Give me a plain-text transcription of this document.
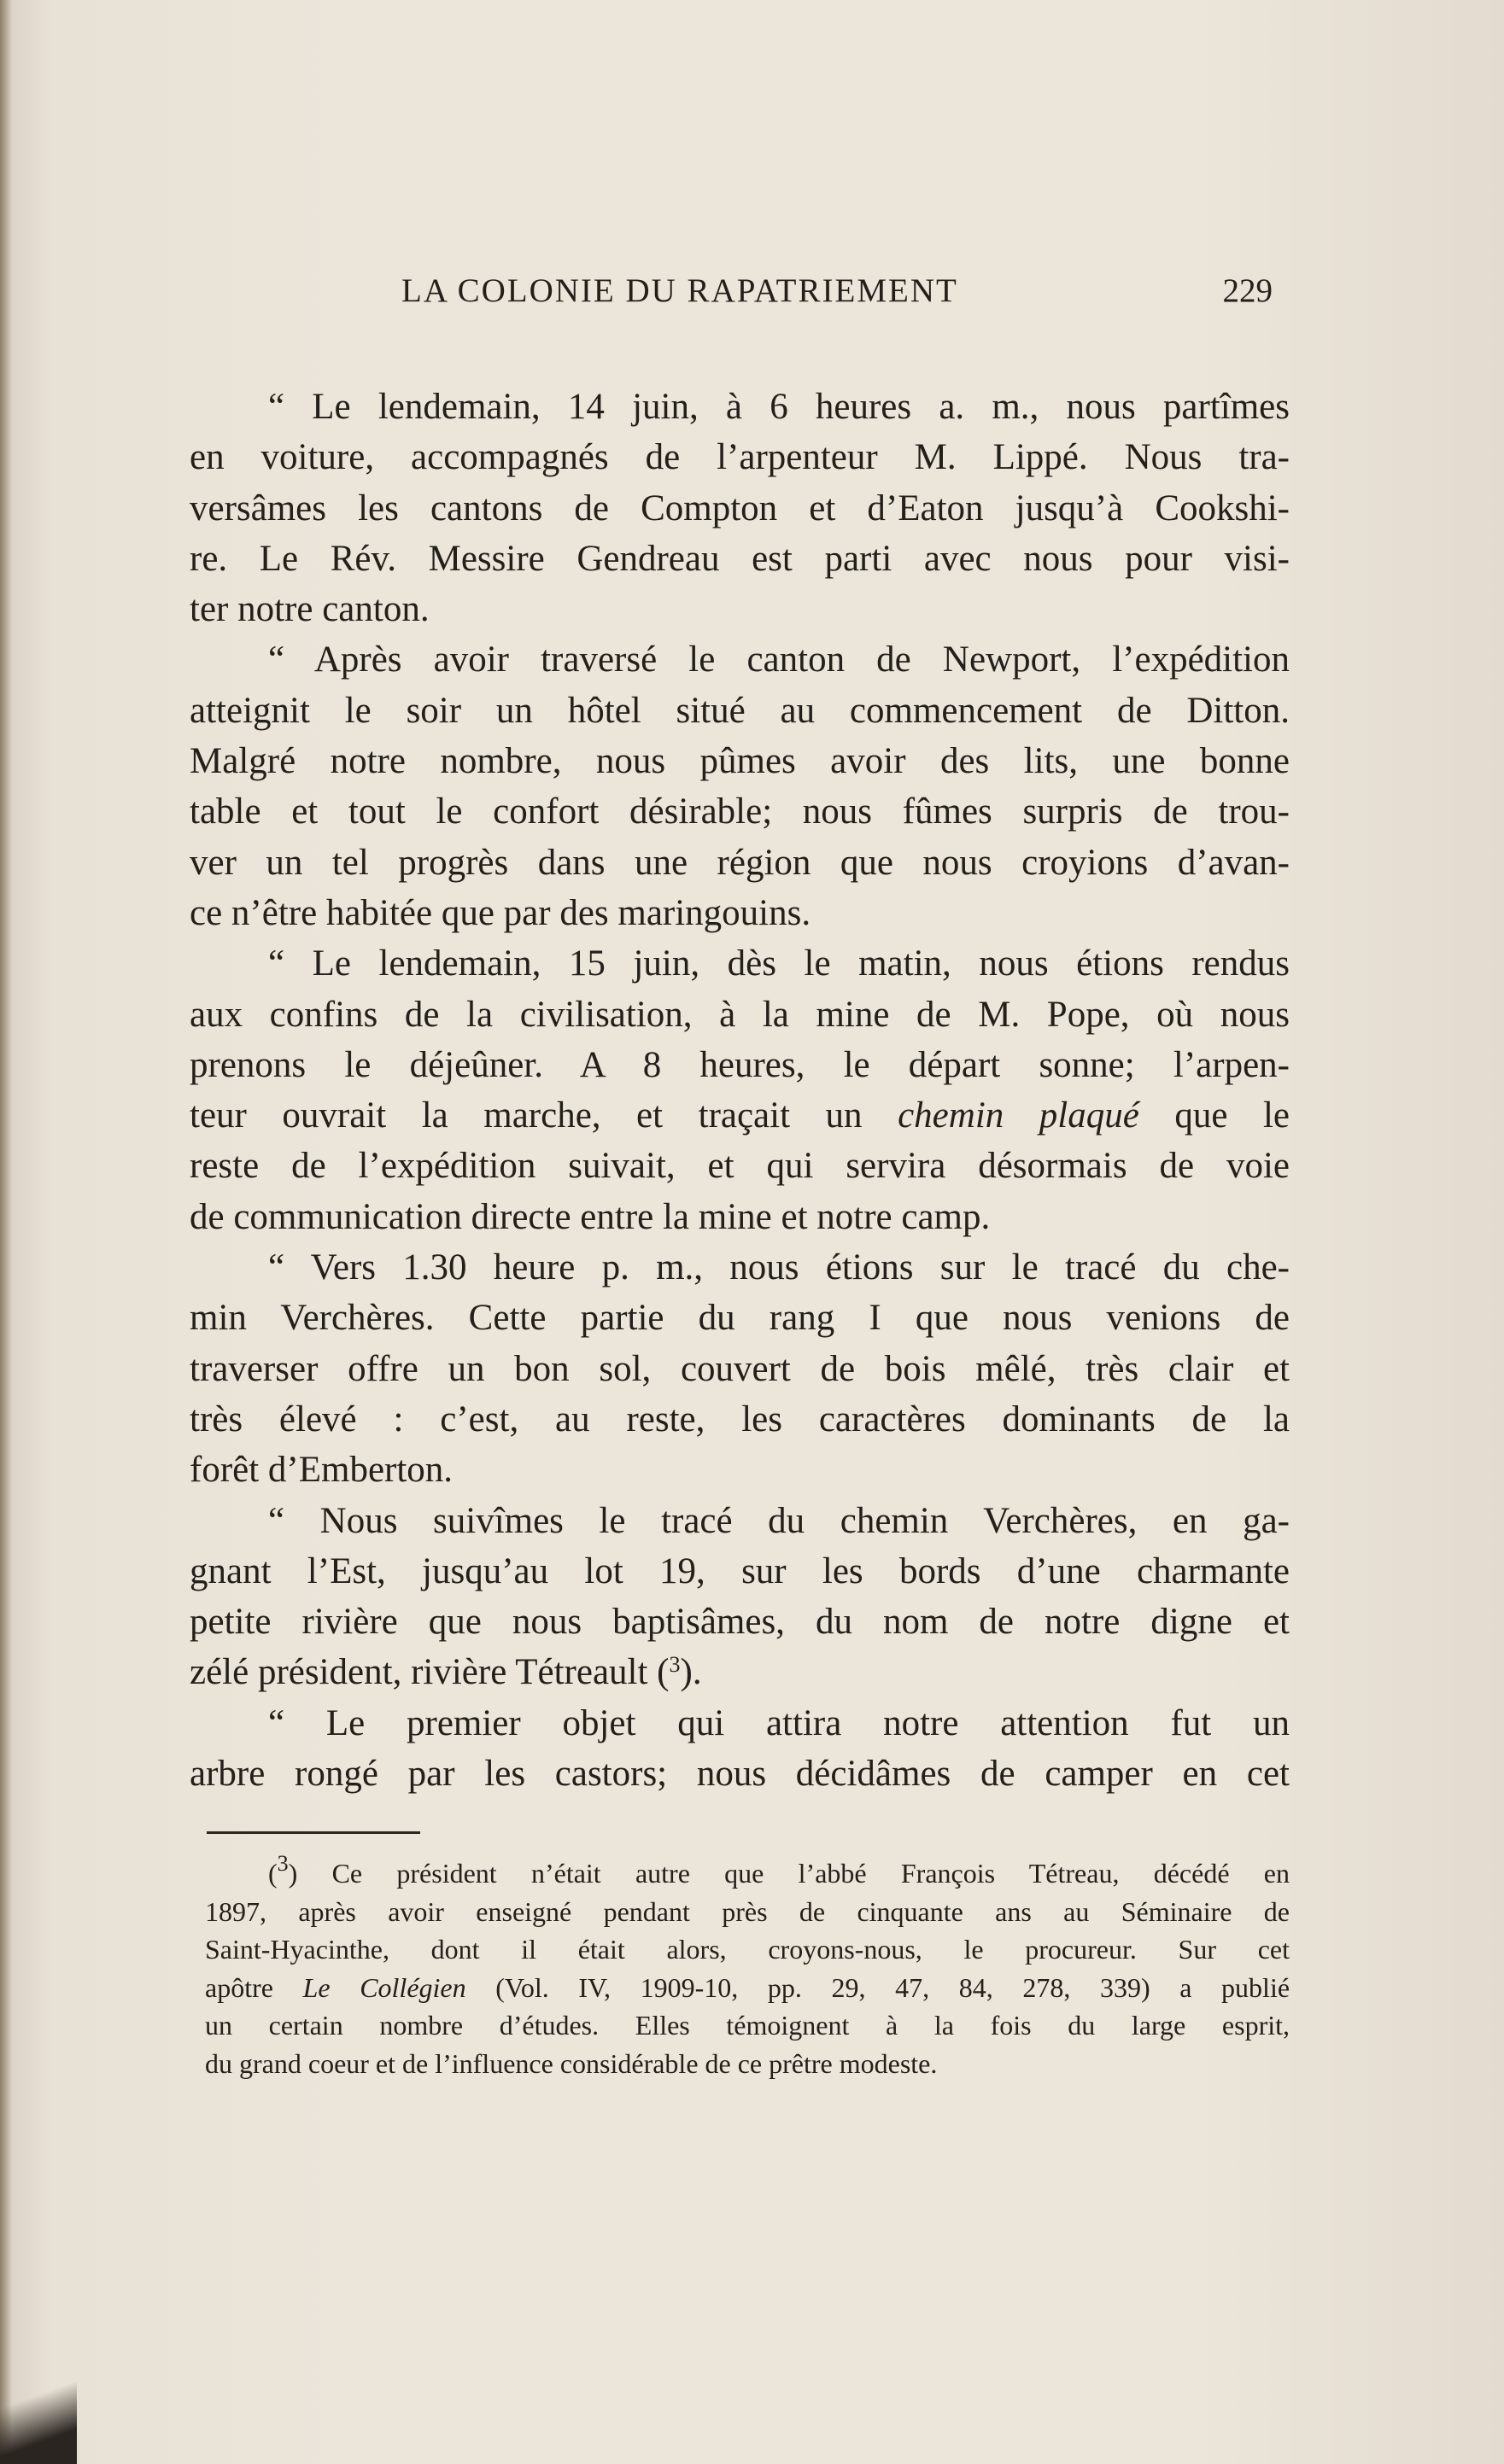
LA COLONIE DU RAPATRIEMENT	229
“ Le lendemain, 14 juin, à 6 heures a. m., nous partîmes
en voiture, accompagnés de l’arpenteur M. Lippé. Nous tra-
versâmes les cantons de Compton et d’Eaton jusqu’à Cookshi-
re. Le Rév. Messire Gendreau est parti avec nous pour visi-
ter notre canton.
“ Après avoir traversé le canton de Newport, l’expédition
atteignit le soir un hôtel situé au commencement de Ditton.
Malgré notre nombre, nous pûmes avoir des lits, une bonne
table et tout le confort désirable; nous fûmes surpris de trou-
ver un tel progrès dans une région que nous croyions d’avan-
ce n’être habitée que par des maringouins.
“ Le lendemain, 15 juin, dès le matin, nous étions rendus
aux confins de la civilisation, à la mine de M. Pope, où nous
prenons le déjeûner. A 8 heures, le départ sonne; l’arpen-
teur ouvrait la marche, et traçait un chemin plaqué que le
reste de l’expédition suivait, et qui servira désormais de voie
de communication directe entre la mine et notre camp.
“ Vers 1.30 heure p. m., nous étions sur le tracé du che-
min Verchères. Cette partie du rang I que nous venions de
traverser offre un bon sol, couvert de bois mêlé, très clair et
très élevé : c’est, au reste, les caractères dominants de la
forêt d’Emberton.
“ Nous suivîmes le tracé du chemin Verchères, en ga-
gnant l’Est, jusqu’au lot 19, sur les bords d’une charmante
petite rivière que nous baptisâmes, du nom de notre digne et
zélé président, rivière Tétreault ($^3$).
“ Le premier objet qui attira notre attention fut un
arbre rongé par les castors; nous décidâmes de camper en cet
($^3$) Ce président n’était autre que l’abbé François Tétreau, décédé en
1897, après avoir enseigné pendant près de cinquante ans au Séminaire de
Saint-Hyacinthe, dont il était alors, croyons-nous, le procureur. Sur cet
apôtre Le Collégien (Vol. IV, 1909-10, pp. 29, 47, 84, 278, 339) a publié
un certain nombre d’études. Elles témoignent à la fois du large esprit,
du grand coeur et de l’influence considérable de ce prêtre modeste.
